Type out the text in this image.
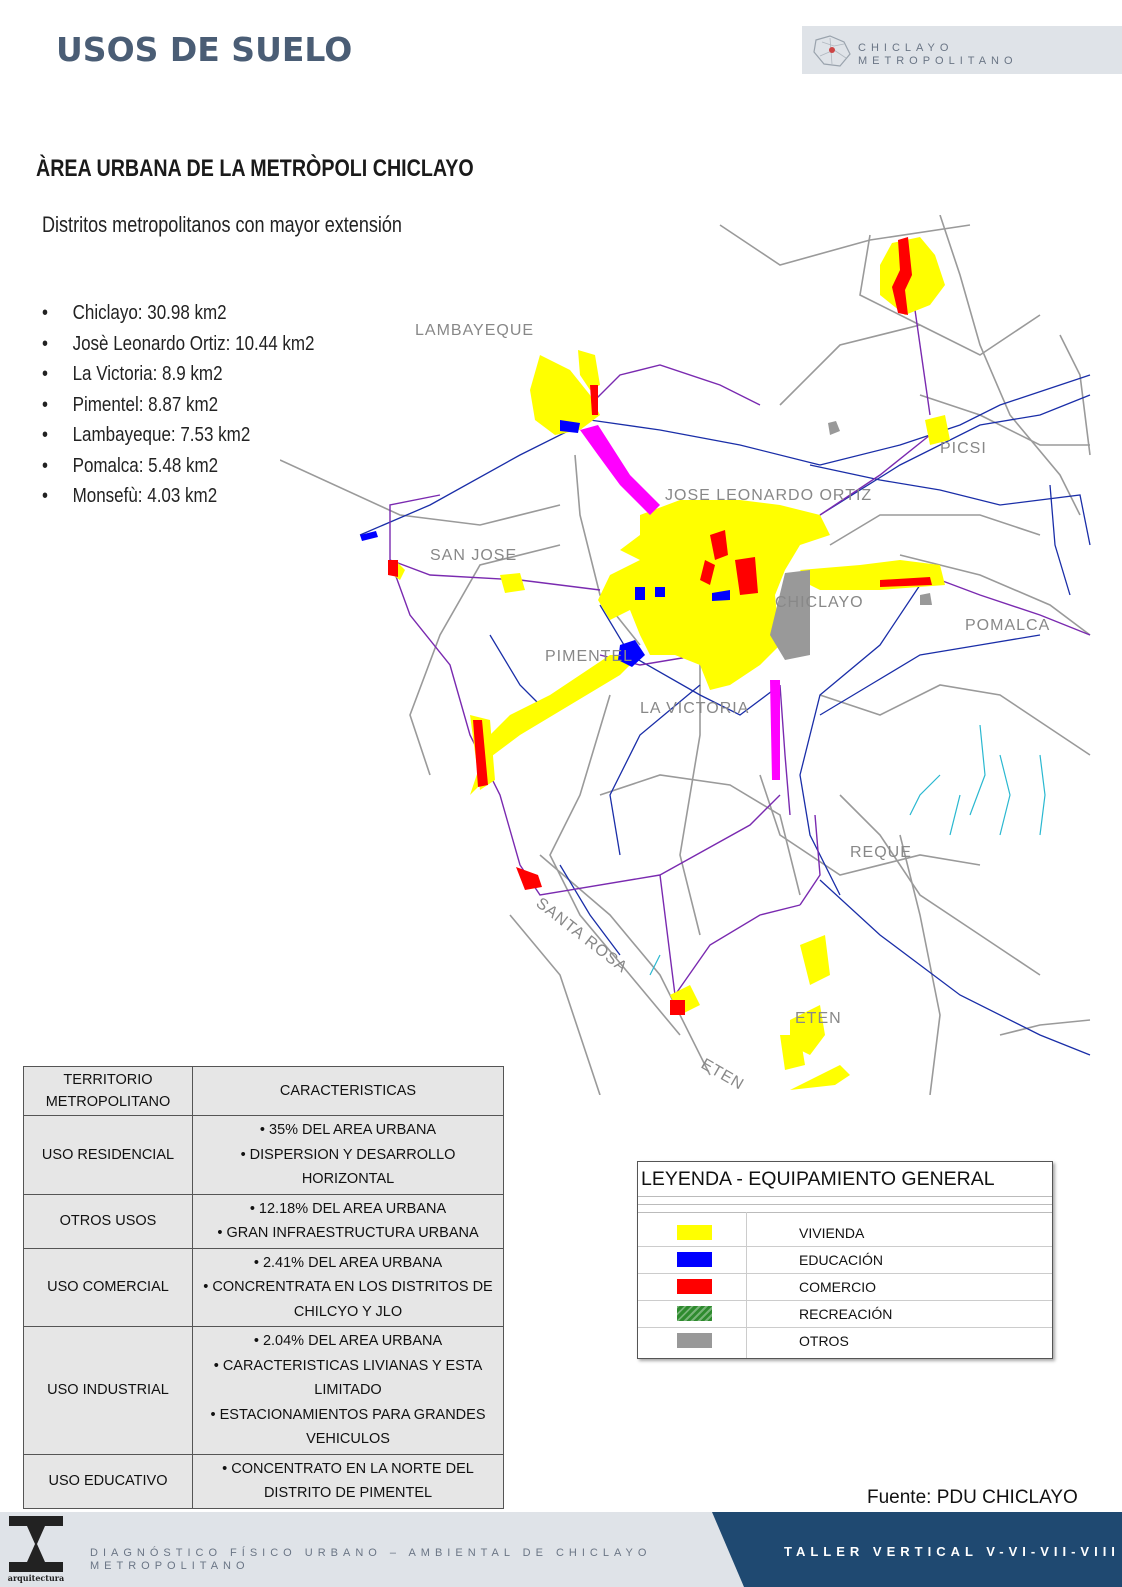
USOS DE SUELO	CHICLAYO
METROPOLITANO
ÀREA URBANA DE LA METRÒPOLI CHICLAYO
Distritos metropolitanos con mayor extensión
• Chiclayo: 30.98 km2
• Josè Leonardo Ortiz: 10.44 km2
• La Victoria: 8.9 km2
• Pimentel: 8.87 km2
• Lambayeque: 7.53 km2
• Pomalca: 5.48 km2
• Monsefù: 4.03 km2
LAMBAYEQUE
JOSE LEONARDO ORTIZ
SAN JOSE
PICSI
CHICLAYO
POMALCA
PIMENTEL
LA VICTORIA
REQUE
SANTA ROSA
ETEN
ETEN
TERRITORIO METROPOLITANO	CARACTERISTICAS
USO RESIDENCIAL	• 35% DEL AREA URBANA
• DISPERSION Y DESARROLLO HORIZONTAL

OTROS USOS	• 12.18% DEL AREA URBANA
• GRAN INFRAESTRUCTURA URBANA

USO COMERCIAL	• 2.41% DEL AREA URBANA
• CONCRENTRATA EN LOS DISTRITOS DE CHILCYO Y JLO

USO INDUSTRIAL	• 2.04% DEL AREA URBANA
• CARACTERISTICAS LIVIANAS Y ESTA LIMITADO
• ESTACIONAMIENTOS PARA GRANDES VEHICULOS

USO EDUCATIVO	• CONCENTRATO EN LA NORTE DEL DISTRITO DE PIMENTEL
LEYENDA - EQUIPAMIENTO GENERAL
VIVIENDA
EDUCACIÓN
COMERCIO
RECREACIÓN
OTROS
Fuente: PDU CHICLAYO
arquitectura
DIAGNÓSTICO FÍSICO URBANO – AMBIENTAL DE CHICLAYO
METROPOLITANO
TALLER VERTICAL V-VI-VII-VIII
